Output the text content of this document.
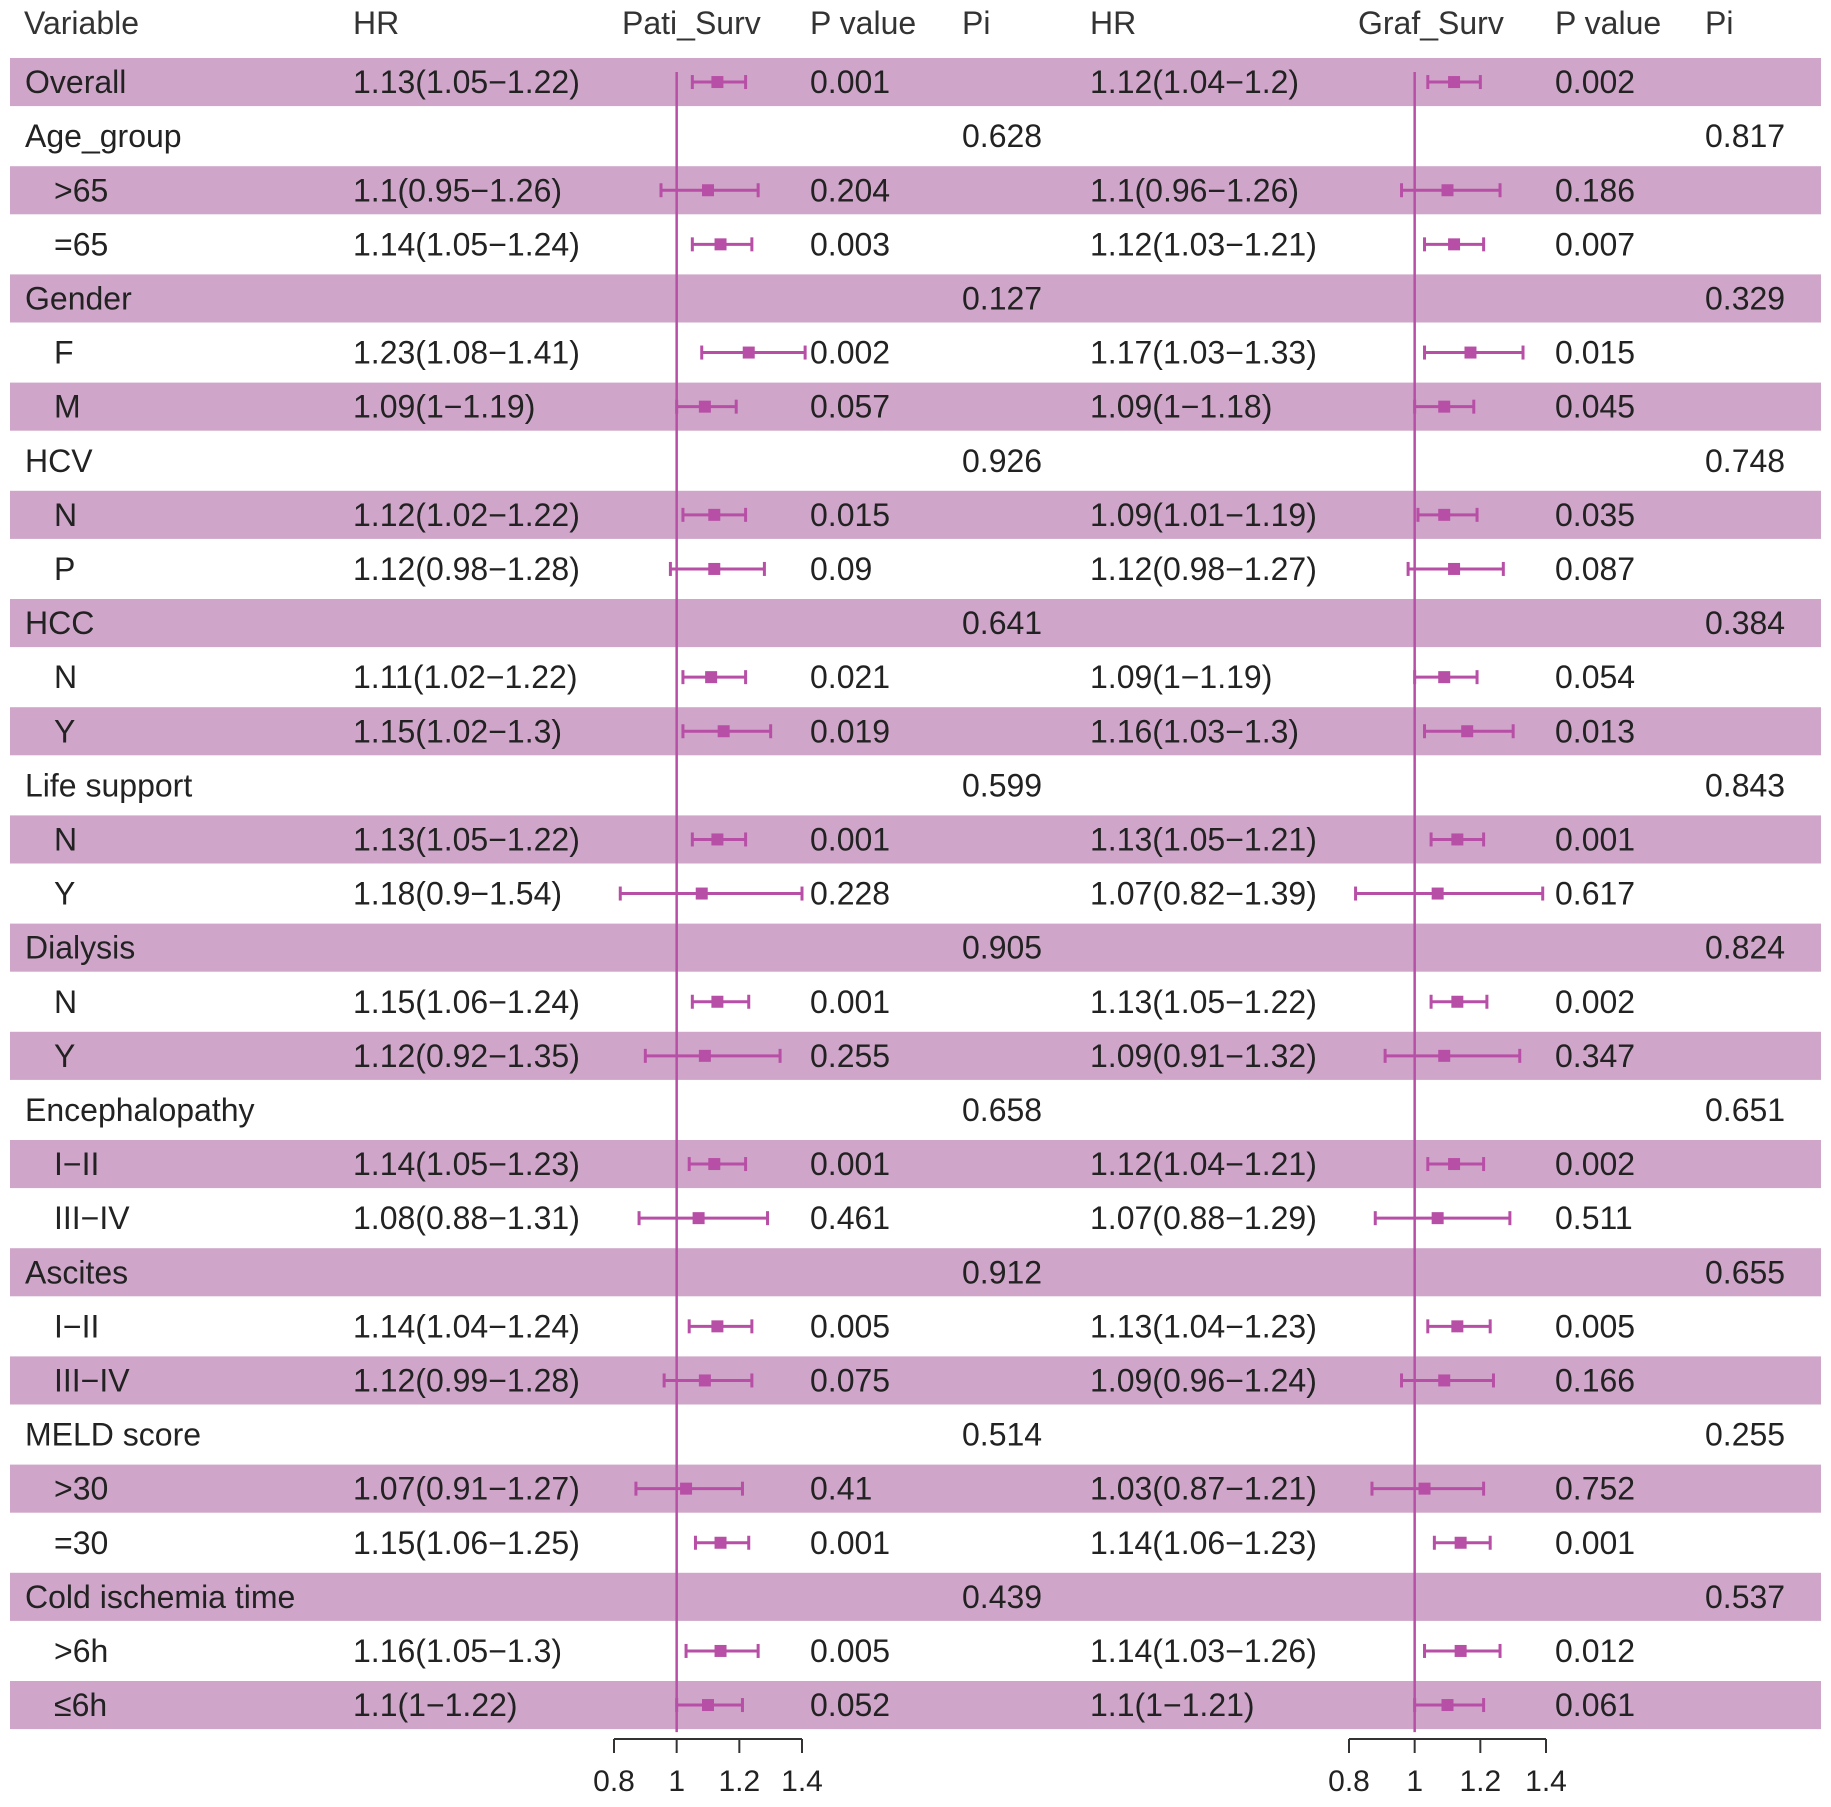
Variable	HR	Pati_Surv P value Pi	HR	Graf_Surv P value Pi
Overall	1.13(1.05−1.22)	0.001	1.12(1.04−1.2)	0.002
Age_group	0.628	0.817
>65	1.1(0.95−1.26)	0.204	1.1(0.96−1.26)	0.186
=65	1.14(1.05−1.24)	0.003	1.12(1.03−1.21)	0.007
Gender	0.127	0.329
F	1.23(1.08−1.41)	0.002	1.17(1.03−1.33)	0.015
M	1.09(1−1.19)	0.057	1.09(1−1.18)	0.045
HCV	0.926	0.748
N	1.12(1.02−1.22)	0.015	1.09(1.01−1.19)	0.035
P	1.12(0.98−1.28)	0.09	1.12(0.98−1.27)	0.087
HCC	0.641	0.384
N	1.11(1.02−1.22)	0.021	1.09(1−1.19)	0.054
Y	1.15(1.02−1.3)	0.019	1.16(1.03−1.3)	0.013
Life support	0.599	0.843
N	1.13(1.05−1.22)	0.001	1.13(1.05−1.21)	0.001
Y	1.18(0.9−1.54)	0.228	1.07(0.82−1.39)	0.617
Dialysis	0.905	0.824
N	1.15(1.06−1.24)	0.001	1.13(1.05−1.22)	0.002
Y	1.12(0.92−1.35)	0.255	1.09(0.91−1.32)	0.347
Encephalopathy	0.658	0.651
I−II	1.14(1.05−1.23)	0.001	1.12(1.04−1.21)	0.002
III−IV	1.08(0.88−1.31)	0.461	1.07(0.88−1.29)	0.511
Ascites	0.912	0.655
I−II	1.14(1.04−1.24)	0.005	1.13(1.04−1.23)	0.005
III−IV	1.12(0.99−1.28)	0.075	1.09(0.96−1.24)	0.166
MELD score	0.514	0.255
>30	1.07(0.91−1.27)	0.41	1.03(0.87−1.21)	0.752
=30	1.15(1.06−1.25)	0.001	1.14(1.06−1.23)	0.001
Cold ischemia time	0.439	0.537
>6h	1.16(1.05−1.3)	0.005	1.14(1.03−1.26)	0.012
≤6h	1.1(1−1.22)	0.052	1.1(1−1.21)	0.061
0.8 1 1.2 1.4	0.8 1 1.2 1.4
